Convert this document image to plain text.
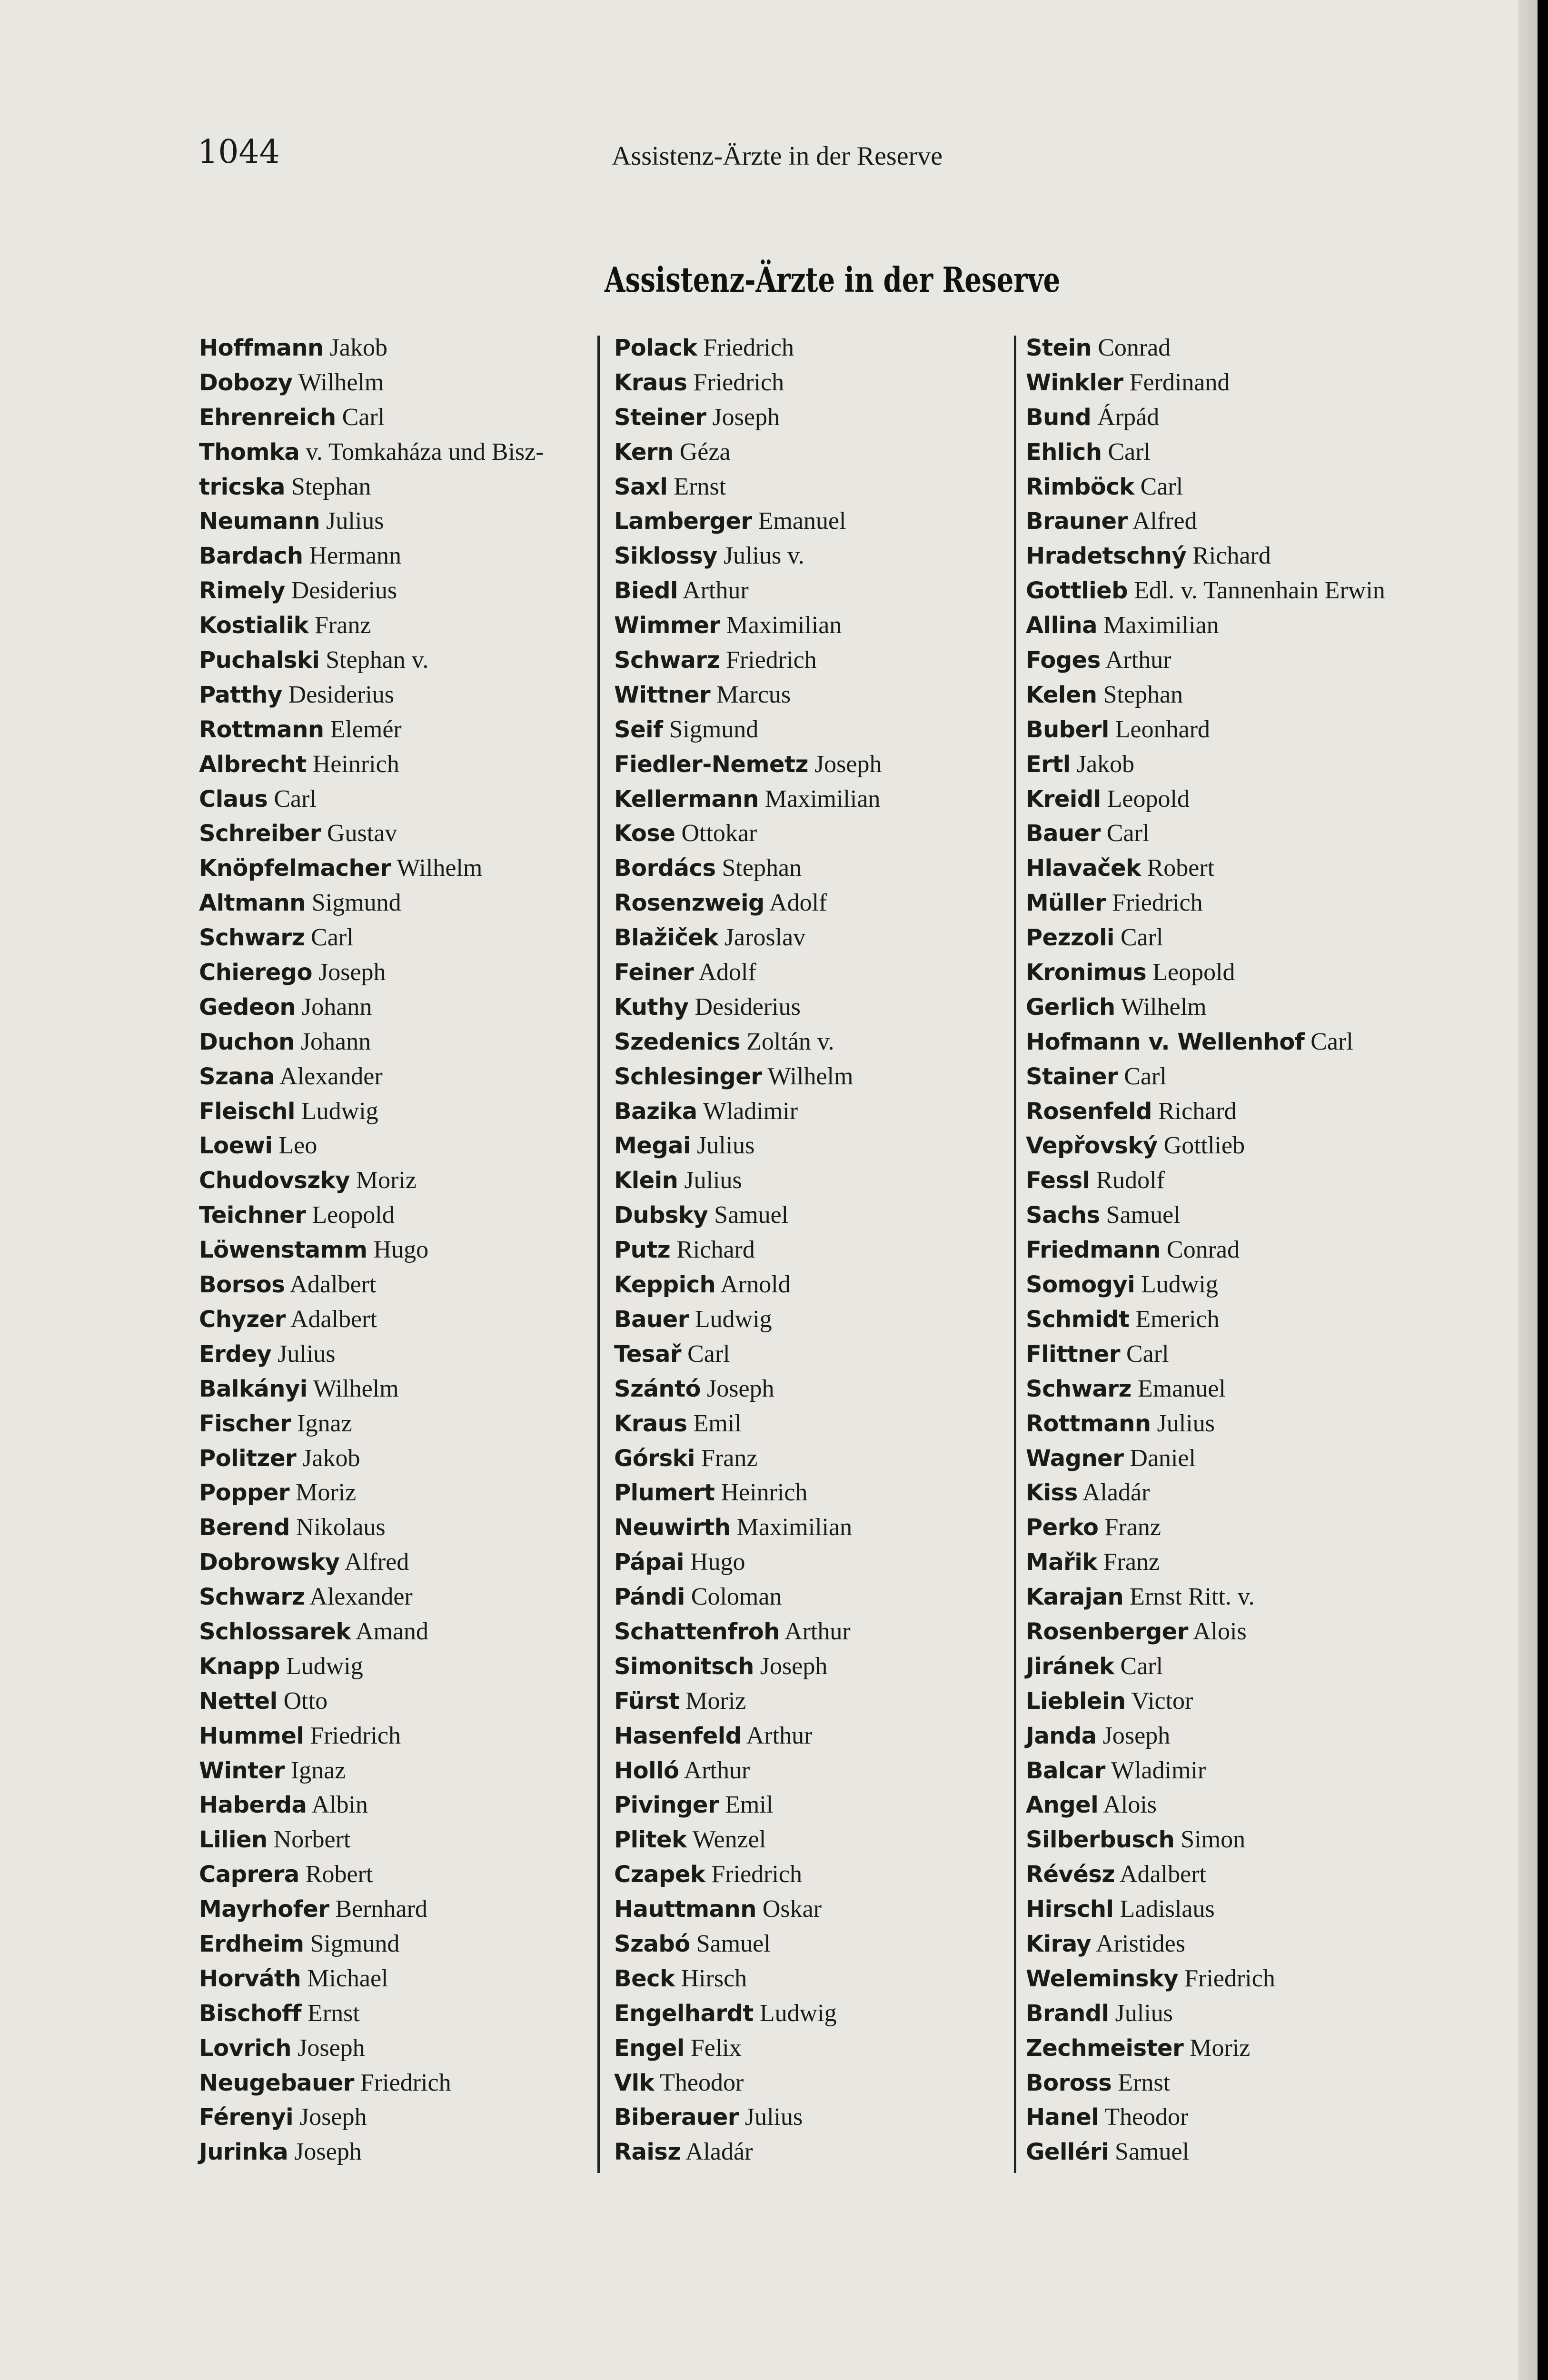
1044	Assistenz-Ärzte in der Reserve
Assistenz-Ärzte in der Reserve
Hoffmann Jakob
Dobozy Wilhelm
Ehrenreich Carl
Thomka v. Tomkaháza und Bisz-
tricska Stephan
Neumann Julius
Bardach Hermann
Rimely Desiderius
Kostialik Franz
Puchalski Stephan v.
Patthy Desiderius
Rottmann Elemér
Albrecht Heinrich
Claus Carl
Schreiber Gustav
Knöpfelmacher Wilhelm
Altmann Sigmund
Schwarz Carl
Chierego Joseph
Gedeon Johann
Duchon Johann
Szana Alexander
Fleischl Ludwig
Loewi Leo
Chudovszky Moriz
Teichner Leopold
Löwenstamm Hugo
Borsos Adalbert
Chyzer Adalbert
Erdey Julius
Balkányi Wilhelm
Fischer Ignaz
Politzer Jakob
Popper Moriz
Berend Nikolaus
Dobrowsky Alfred
Schwarz Alexander
Schlossarek Amand
Knapp Ludwig
Nettel Otto
Hummel Friedrich
Winter Ignaz
Haberda Albin
Lilien Norbert
Caprera Robert
Mayrhofer Bernhard
Erdheim Sigmund
Horváth Michael
Bischoff Ernst
Lovrich Joseph
Neugebauer Friedrich
Férenyi Joseph
Jurinka Joseph
Polack Friedrich
Kraus Friedrich
Steiner Joseph
Kern Géza
Saxl Ernst
Lamberger Emanuel
Siklossy Julius v.
Biedl Arthur
Wimmer Maximilian
Schwarz Friedrich
Wittner Marcus
Seif Sigmund
Fiedler-Nemetz Joseph
Kellermann Maximilian
Kose Ottokar
Bordács Stephan
Rosenzweig Adolf
Blažiček Jaroslav
Feiner Adolf
Kuthy Desiderius
Szedenics Zoltán v.
Schlesinger Wilhelm
Bazika Wladimir
Megai Julius
Klein Julius
Dubsky Samuel
Putz Richard
Keppich Arnold
Bauer Ludwig
Tesař Carl
Szántó Joseph
Kraus Emil
Górski Franz
Plumert Heinrich
Neuwirth Maximilian
Pápai Hugo
Pándi Coloman
Schattenfroh Arthur
Simonitsch Joseph
Fürst Moriz
Hasenfeld Arthur
Holló Arthur
Pivinger Emil
Plitek Wenzel
Czapek Friedrich
Hauttmann Oskar
Szabó Samuel
Beck Hirsch
Engelhardt Ludwig
Engel Felix
Vlk Theodor
Biberauer Julius
Raisz Aladár
Stein Conrad
Winkler Ferdinand
Bund Árpád
Ehlich Carl
Rimböck Carl
Brauner Alfred
Hradetschný Richard
Gottlieb Edl. v. Tannenhain Erwin
Allina Maximilian
Foges Arthur
Kelen Stephan
Buberl Leonhard
Ertl Jakob
Kreidl Leopold
Bauer Carl
Hlavaček Robert
Müller Friedrich
Pezzoli Carl
Kronimus Leopold
Gerlich Wilhelm
Hofmann v. Wellenhof Carl
Stainer Carl
Rosenfeld Richard
Vepřovský Gottlieb
Fessl Rudolf
Sachs Samuel
Friedmann Conrad
Somogyi Ludwig
Schmidt Emerich
Flittner Carl
Schwarz Emanuel
Rottmann Julius
Wagner Daniel
Kiss Aladár
Perko Franz
Mařik Franz
Karajan Ernst Ritt. v.
Rosenberger Alois
Jiránek Carl
Lieblein Victor
Janda Joseph
Balcar Wladimir
Angel Alois
Silberbusch Simon
Révész Adalbert
Hirschl Ladislaus
Kiray Aristides
Weleminsky Friedrich
Brandl Julius
Zechmeister Moriz
Boross Ernst
Hanel Theodor
Gelléri Samuel
